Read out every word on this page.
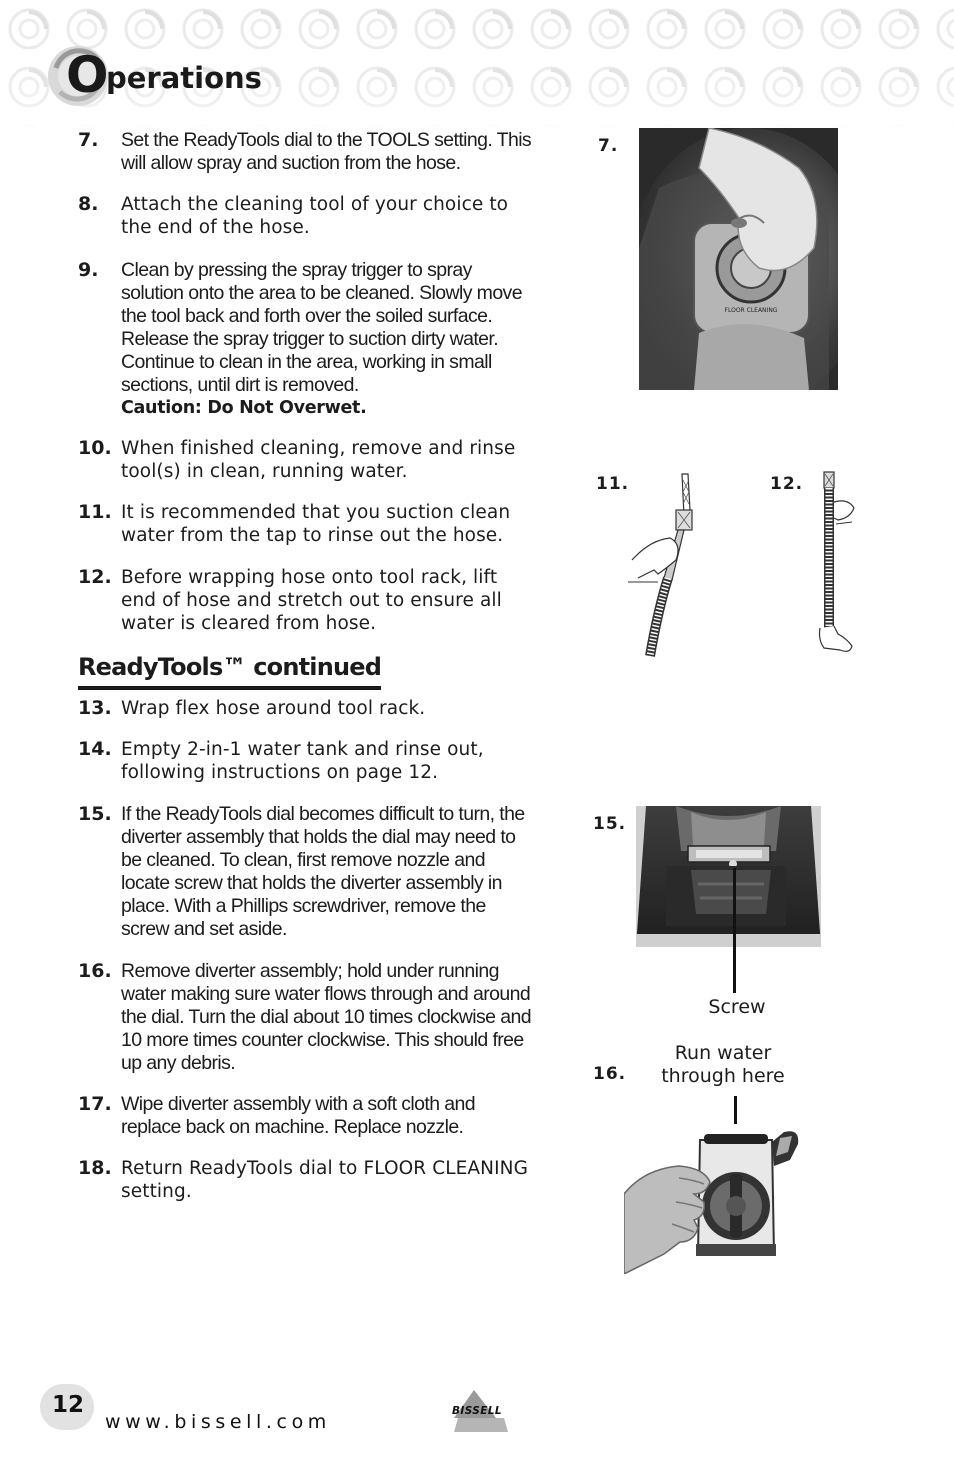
O
perations
7. Set the ReadyTools dial to the TOOLS setting. This will allow spray and suction from the hose.
8. Attach the cleaning tool of your choice to the end of the hose.
9. Clean by pressing the spray trigger to spray solution onto the area to be cleaned. Slowly move the tool back and forth over the soiled surface. Release the spray trigger to suction dirty water. Continue to clean in the area, working in small sections, until dirt is removed.
Caution: Do Not Overwet.
10. When finished cleaning, remove and rinse tool(s) in clean, running water.
11. It is recommended that you suction clean water from the tap to rinse out the hose.
12. Before wrapping hose onto tool rack, lift end of hose and stretch out to ensure all water is cleared from hose.
ReadyTools™ continued
13. Wrap flex hose around tool rack.
14. Empty 2-in-1 water tank and rinse out, following instructions on page 12.
15. If the ReadyTools dial becomes difficult to turn, the diverter assembly that holds the dial may need to be cleaned. To clean, first remove nozzle and locate screw that holds the diverter assembly in place. With a Phillips screwdriver, remove the screw and set aside.
16. Remove diverter assembly; hold under running water making sure water flows through and around the dial. Turn the dial about 10 times clockwise and 10 more times counter clockwise. This should free up any debris.
17. Wipe diverter assembly with a soft cloth and replace back on machine. Replace nozzle.
18. Return ReadyTools dial to FLOOR CLEANING setting.
7.
FLOOR CLEANING
11.	12.
15.
Screw
16.
Run water
through here
12
www.bissell.com	BISSELL
